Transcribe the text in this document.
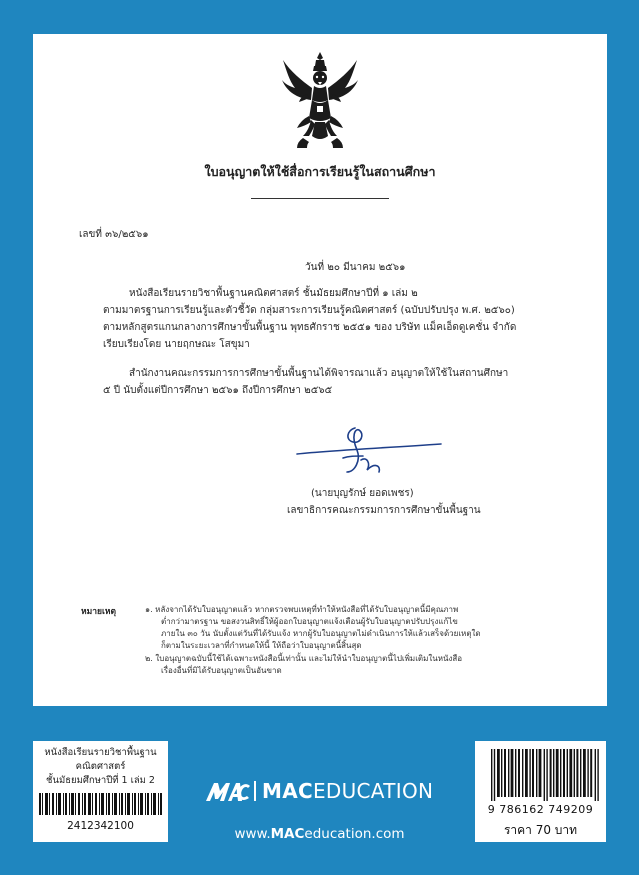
ใบอนุญาตให้ใช้สื่อการเรียนรู้ในสถานศึกษา
เลขที่ ๓๖/๒๕๖๑
วันที่ ๒๐ มีนาคม ๒๕๖๑
หนังสือเรียนรายวิชาพื้นฐานคณิตศาสตร์ ชั้นมัธยมศึกษาปีที่ ๑ เล่ม ๒
ตามมาตรฐานการเรียนรู้และตัวชี้วัด กลุ่มสาระการเรียนรู้คณิตศาสตร์ (ฉบับปรับปรุง พ.ศ. ๒๕๖๐)
ตามหลักสูตรแกนกลางการศึกษาขั้นพื้นฐาน พุทธศักราช ๒๕๕๑ ของ บริษัท แม็คเอ็ดดูเคชั่น จำกัด
เรียบเรียงโดย นายฤกษณะ โสขุมา
สำนักงานคณะกรรมการการศึกษาขั้นพื้นฐานได้พิจารณาแล้ว อนุญาตให้ใช้ในสถานศึกษา
๕ ปี นับตั้งแต่ปีการศึกษา ๒๕๖๑ ถึงปีการศึกษา ๒๕๖๕
(นายบุญรักษ์ ยอดเพชร)
เลขาธิการคณะกรรมการการศึกษาขั้นพื้นฐาน
หมายเหตุ	๑. หลังจากได้รับใบอนุญาตแล้ว หากตรวจพบเหตุที่ทำให้หนังสือที่ได้รับใบอนุญาตนี้มีคุณภาพ
ต่ำกว่ามาตรฐาน ขอสงวนสิทธิ์ให้ผู้ออกใบอนุญาตแจ้งเตือนผู้รับใบอนุญาตปรับปรุงแก้ไข
ภายใน ๓๐ วัน นับตั้งแต่วันที่ได้รับแจ้ง หากผู้รับใบอนุญาตไม่ดำเนินการให้แล้วเสร็จด้วยเหตุใด
ก็ตามในระยะเวลาที่กำหนดให้นี้ ให้ถือว่าใบอนุญาตนี้สิ้นสุด
๒. ใบอนุญาตฉบับนี้ใช้ได้เฉพาะหนังสือนี้เท่านั้น และไม่ให้นำใบอนุญาตนี้ไปเพิ่มเติมในหนังสือ
เรื่องอื่นที่มิได้รับอนุญาตเป็นอันขาด
หนังสือเรียนรายวิชาพื้นฐาน
คณิตศาสตร์
ชั้นมัธยมศึกษาปีที่ 1 เล่ม 2
2412342100
MACEDUCATION
www.MACeducation.com
9 786162 749209
ราคา 70 บาท
